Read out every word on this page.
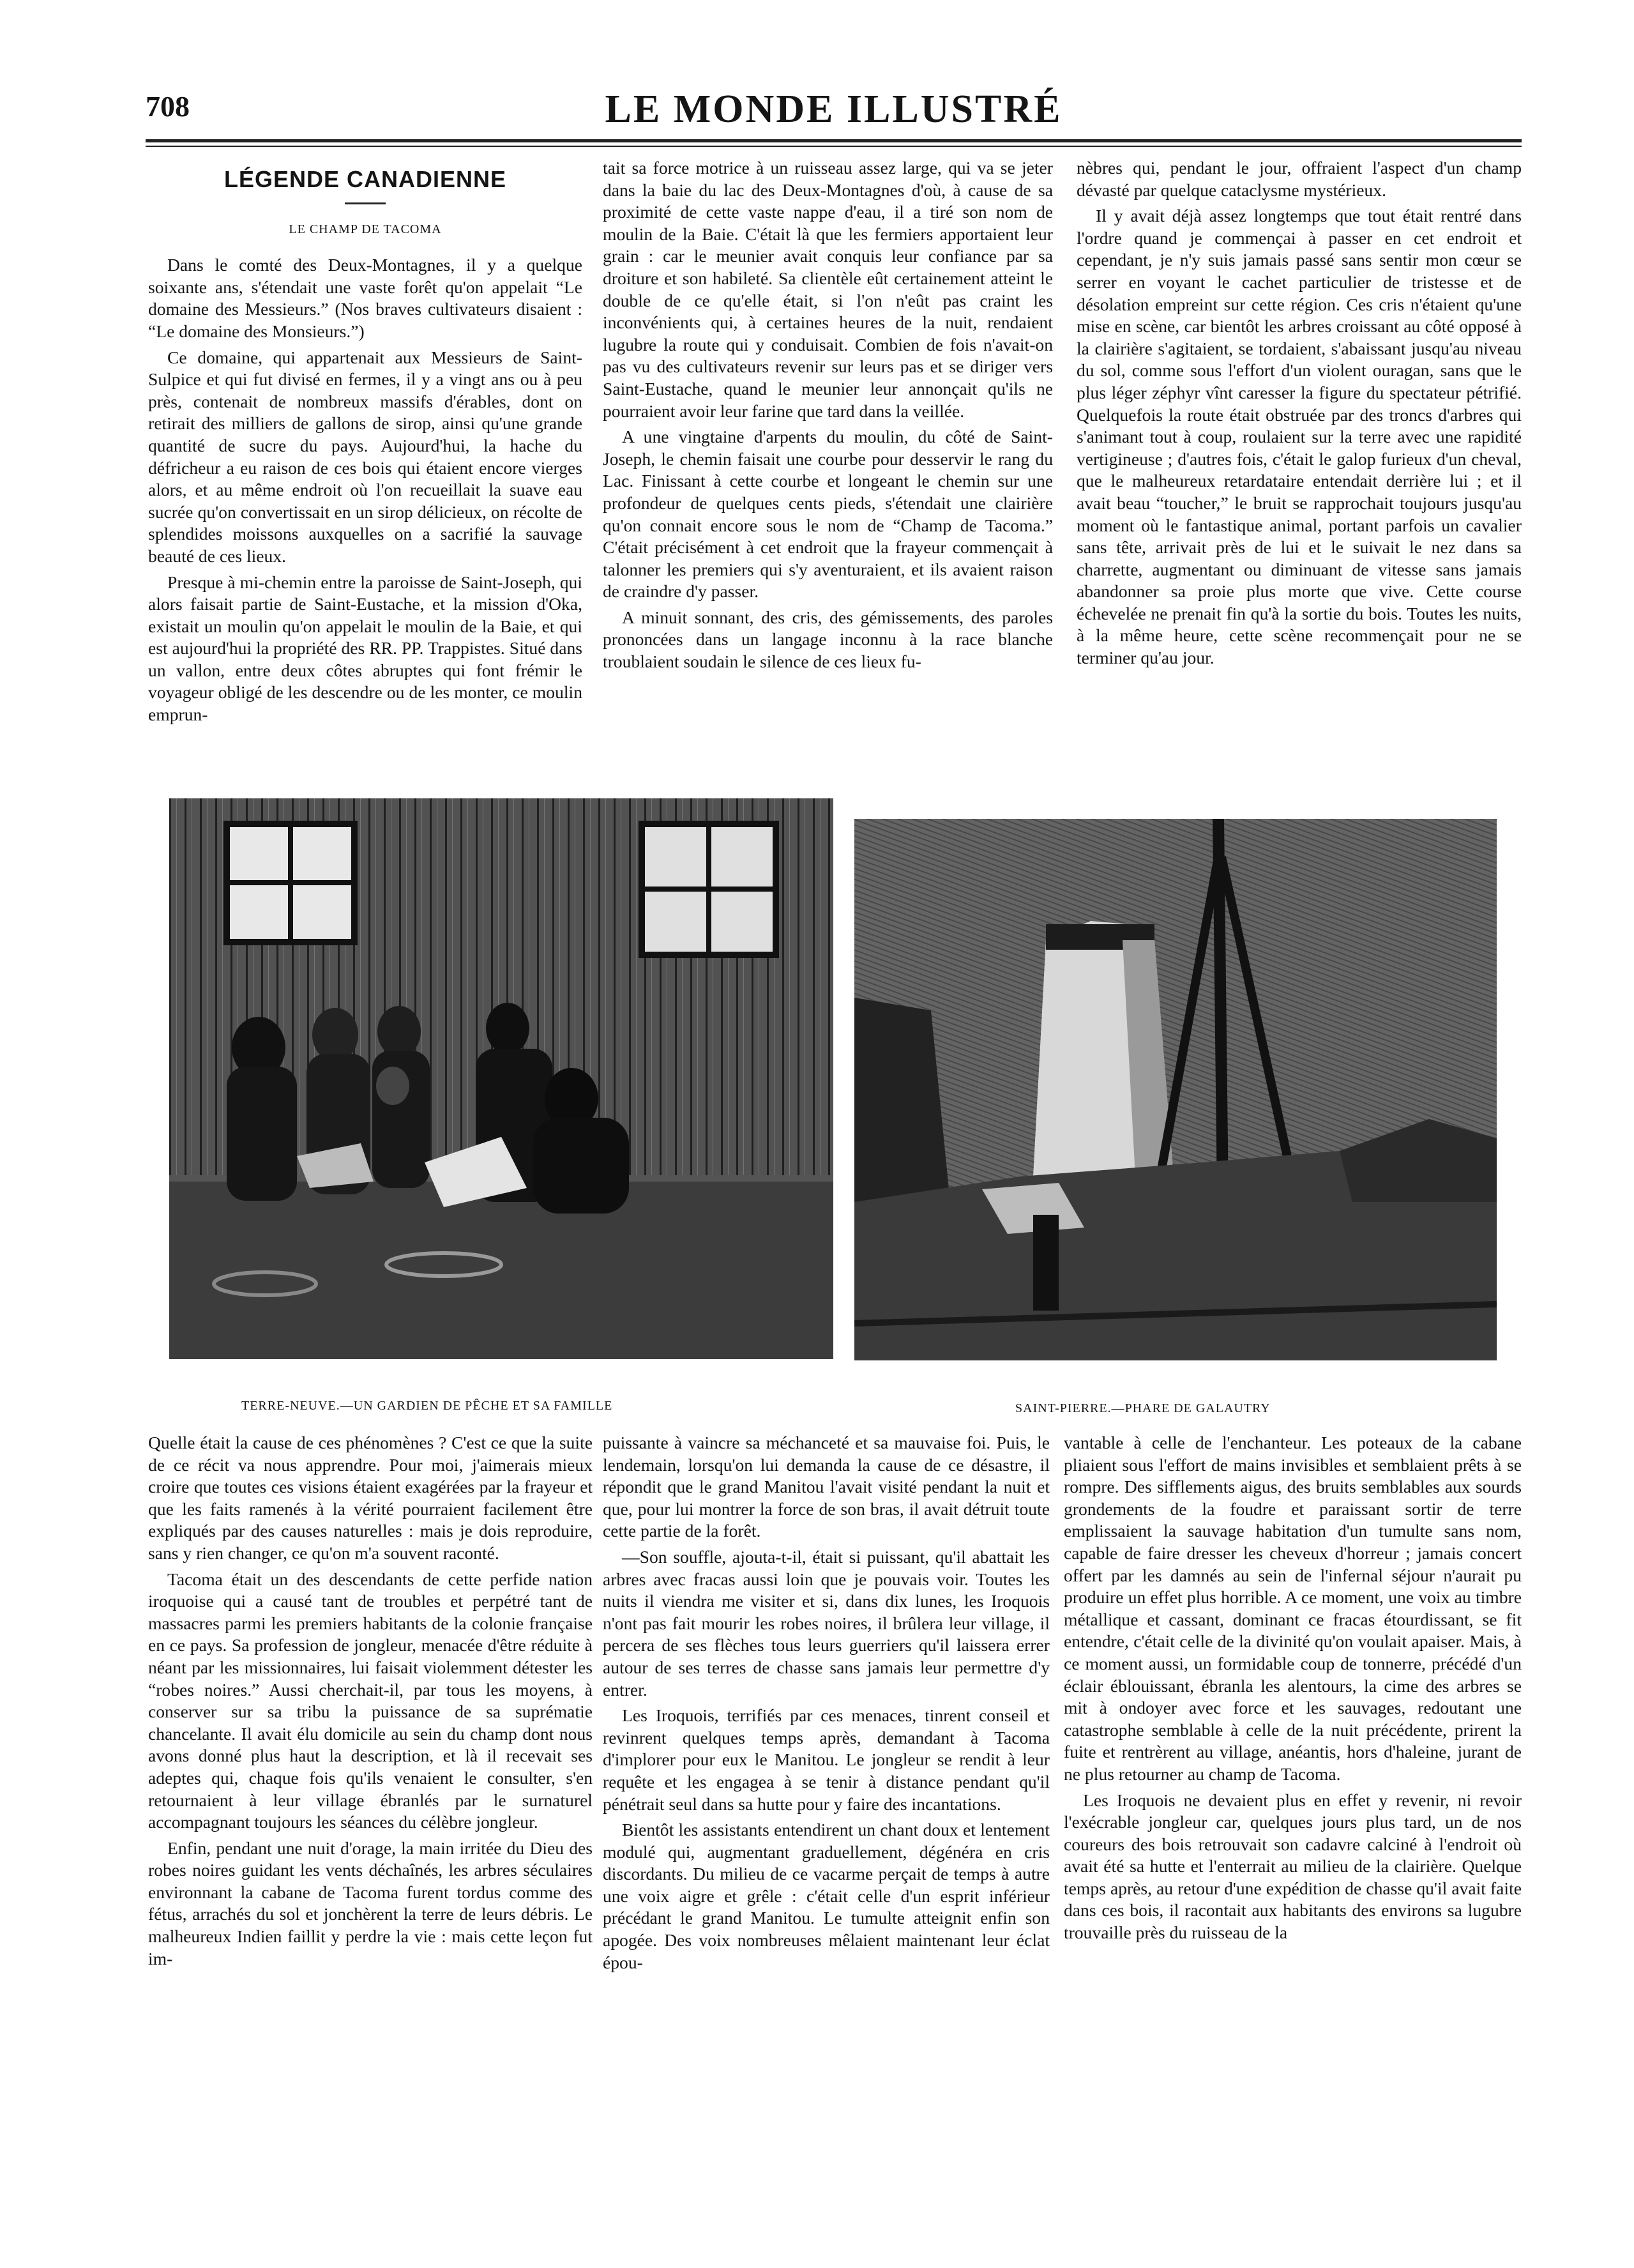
708	LE MONDE ILLUSTRÉ
LÉGENDE CANADIENNE
LE CHAMP DE TACOMA

Dans le comté des Deux-Montagnes, il y a quelque soixante ans, s'étendait une vaste forêt qu'on appelait “Le domaine des Messieurs.” (Nos braves cultivateurs disaient : “Le domaine des Monsieurs.”)

Ce domaine, qui appartenait aux Messieurs de Saint-Sulpice et qui fut divisé en fermes, il y a vingt ans ou à peu près, contenait de nombreux massifs d'érables, dont on retirait des milliers de gallons de sirop, ainsi qu'une grande quantité de sucre du pays. Aujourd'hui, la hache du défricheur a eu raison de ces bois qui étaient encore vierges alors, et au même endroit où l'on recueillait la suave eau sucrée qu'on convertissait en un sirop délicieux, on récolte de splendides moissons auxquelles on a sacrifié la sauvage beauté de ces lieux.

Presque à mi-chemin entre la paroisse de Saint-Joseph, qui alors faisait partie de Saint-Eustache, et la mission d'Oka, existait un moulin qu'on appelait le moulin de la Baie, et qui est aujourd'hui la propriété des RR. PP. Trappistes. Situé dans un vallon, entre deux côtes abruptes qui font frémir le voyageur obligé de les descendre ou de les monter, ce moulin emprun-

tait sa force motrice à un ruisseau assez large, qui va se jeter dans la baie du lac des Deux-Montagnes d'où, à cause de sa proximité de cette vaste nappe d'eau, il a tiré son nom de moulin de la Baie. C'était là que les fermiers apportaient leur grain : car le meunier avait conquis leur confiance par sa droiture et son habileté. Sa clientèle eût certainement atteint le double de ce qu'elle était, si l'on n'eût pas craint les inconvénients qui, à certaines heures de la nuit, rendaient lugubre la route qui y conduisait. Combien de fois n'avait-on pas vu des cultivateurs revenir sur leurs pas et se diriger vers Saint-Eustache, quand le meunier leur annonçait qu'ils ne pourraient avoir leur farine que tard dans la veillée.

A une vingtaine d'arpents du moulin, du côté de Saint-Joseph, le chemin faisait une courbe pour desservir le rang du Lac. Finissant à cette courbe et longeant le chemin sur une profondeur de quelques cents pieds, s'étendait une clairière qu'on connait encore sous le nom de “Champ de Tacoma.” C'était précisément à cet endroit que la frayeur commençait à talonner les premiers qui s'y aventuraient, et ils avaient raison de craindre d'y passer.

A minuit sonnant, des cris, des gémissements, des paroles prononcées dans un langage inconnu à la race blanche troublaient soudain le silence de ces lieux fu-

nèbres qui, pendant le jour, offraient l'aspect d'un champ dévasté par quelque cataclysme mystérieux.

Il y avait déjà assez longtemps que tout était rentré dans l'ordre quand je commençai à passer en cet endroit et cependant, je n'y suis jamais passé sans sentir mon cœur se serrer en voyant le cachet particulier de tristesse et de désolation empreint sur cette région. Ces cris n'étaient qu'une mise en scène, car bientôt les arbres croissant au côté opposé à la clairière s'agitaient, se tordaient, s'abaissant jusqu'au niveau du sol, comme sous l'effort d'un violent ouragan, sans que le plus léger zéphyr vînt caresser la figure du spectateur pétrifié. Quelquefois la route était obstruée par des troncs d'arbres qui s'animant tout à coup, roulaient sur la terre avec une rapidité vertigineuse ; d'autres fois, c'était le galop furieux d'un cheval, que le malheureux retardataire entendait derrière lui ; et il avait beau “toucher,” le bruit se rapprochait toujours jusqu'au moment où le fantastique animal, portant parfois un cavalier sans tête, arrivait près de lui et le suivait le nez dans sa charrette, augmentant ou diminuant de vitesse sans jamais abandonner sa proie plus morte que vive. Cette course échevelée ne prenait fin qu'à la sortie du bois. Toutes les nuits, à la même heure, cette scène recommençait pour ne se terminer qu'au jour.

TERRE-NEUVE.—UN GARDIEN DE PÊCHE ET SA FAMILLE	SAINT-PIERRE.—PHARE DE GALAUTRY

Quelle était la cause de ces phénomènes ? C'est ce que la suite de ce récit va nous apprendre. Pour moi, j'aimerais mieux croire que toutes ces visions étaient exagérées par la frayeur et que les faits ramenés à la vérité pourraient facilement être expliqués par des causes naturelles : mais je dois reproduire, sans y rien changer, ce qu'on m'a souvent raconté.

Tacoma était un des descendants de cette perfide nation iroquoise qui a causé tant de troubles et perpétré tant de massacres parmi les premiers habitants de la colonie française en ce pays. Sa profession de jongleur, menacée d'être réduite à néant par les missionnaires, lui faisait violemment détester les “robes noires.” Aussi cherchait-il, par tous les moyens, à conserver sur sa tribu la puissance de sa suprématie chancelante. Il avait élu domicile au sein du champ dont nous avons donné plus haut la description, et là il recevait ses adeptes qui, chaque fois qu'ils venaient le consulter, s'en retournaient à leur village ébranlés par le surnaturel accompagnant toujours les séances du célèbre jongleur.

Enfin, pendant une nuit d'orage, la main irritée du Dieu des robes noires guidant les vents déchaînés, les arbres séculaires environnant la cabane de Tacoma furent tordus comme des fétus, arrachés du sol et jonchèrent la terre de leurs débris. Le malheureux Indien faillit y perdre la vie : mais cette leçon fut im-

puissante à vaincre sa méchanceté et sa mauvaise foi. Puis, le lendemain, lorsqu'on lui demanda la cause de ce désastre, il répondit que le grand Manitou l'avait visité pendant la nuit et que, pour lui montrer la force de son bras, il avait détruit toute cette partie de la forêt.

—Son souffle, ajouta-t-il, était si puissant, qu'il abattait les arbres avec fracas aussi loin que je pouvais voir. Toutes les nuits il viendra me visiter et si, dans dix lunes, les Iroquois n'ont pas fait mourir les robes noires, il brûlera leur village, il percera de ses flèches tous leurs guerriers qu'il laissera errer autour de ses terres de chasse sans jamais leur permettre d'y entrer.

Les Iroquois, terrifiés par ces menaces, tinrent conseil et revinrent quelques temps après, demandant à Tacoma d'implorer pour eux le Manitou. Le jongleur se rendit à leur requête et les engagea à se tenir à distance pendant qu'il pénétrait seul dans sa hutte pour y faire des incantations.

Bientôt les assistants entendirent un chant doux et lentement modulé qui, augmentant graduellement, dégénéra en cris discordants. Du milieu de ce vacarme perçait de temps à autre une voix aigre et grêle : c'était celle d'un esprit inférieur précédant le grand Manitou. Le tumulte atteignit enfin son apogée. Des voix nombreuses mêlaient maintenant leur éclat épou-

vantable à celle de l'enchanteur. Les poteaux de la cabane pliaient sous l'effort de mains invisibles et semblaient prêts à se rompre. Des sifflements aigus, des bruits semblables aux sourds grondements de la foudre et paraissant sortir de terre emplissaient la sauvage habitation d'un tumulte sans nom, capable de faire dresser les cheveux d'horreur ; jamais concert offert par les damnés au sein de l'infernal séjour n'aurait pu produire un effet plus horrible. A ce moment, une voix au timbre métallique et cassant, dominant ce fracas étourdissant, se fit entendre, c'était celle de la divinité qu'on voulait apaiser. Mais, à ce moment aussi, un formidable coup de tonnerre, précédé d'un éclair éblouissant, ébranla les alentours, la cime des arbres se mit à ondoyer avec force et les sauvages, redoutant une catastrophe semblable à celle de la nuit précédente, prirent la fuite et rentrèrent au village, anéantis, hors d'haleine, jurant de ne plus retourner au champ de Tacoma.

Les Iroquois ne devaient plus en effet y revenir, ni revoir l'exécrable jongleur car, quelques jours plus tard, un de nos coureurs des bois retrouvait son cadavre calciné à l'endroit où avait été sa hutte et l'enterrait au milieu de la clairière. Quelque temps après, au retour d'une expédition de chasse qu'il avait faite dans ces bois, il racontait aux habitants des environs sa lugubre trouvaille près du ruisseau de la
